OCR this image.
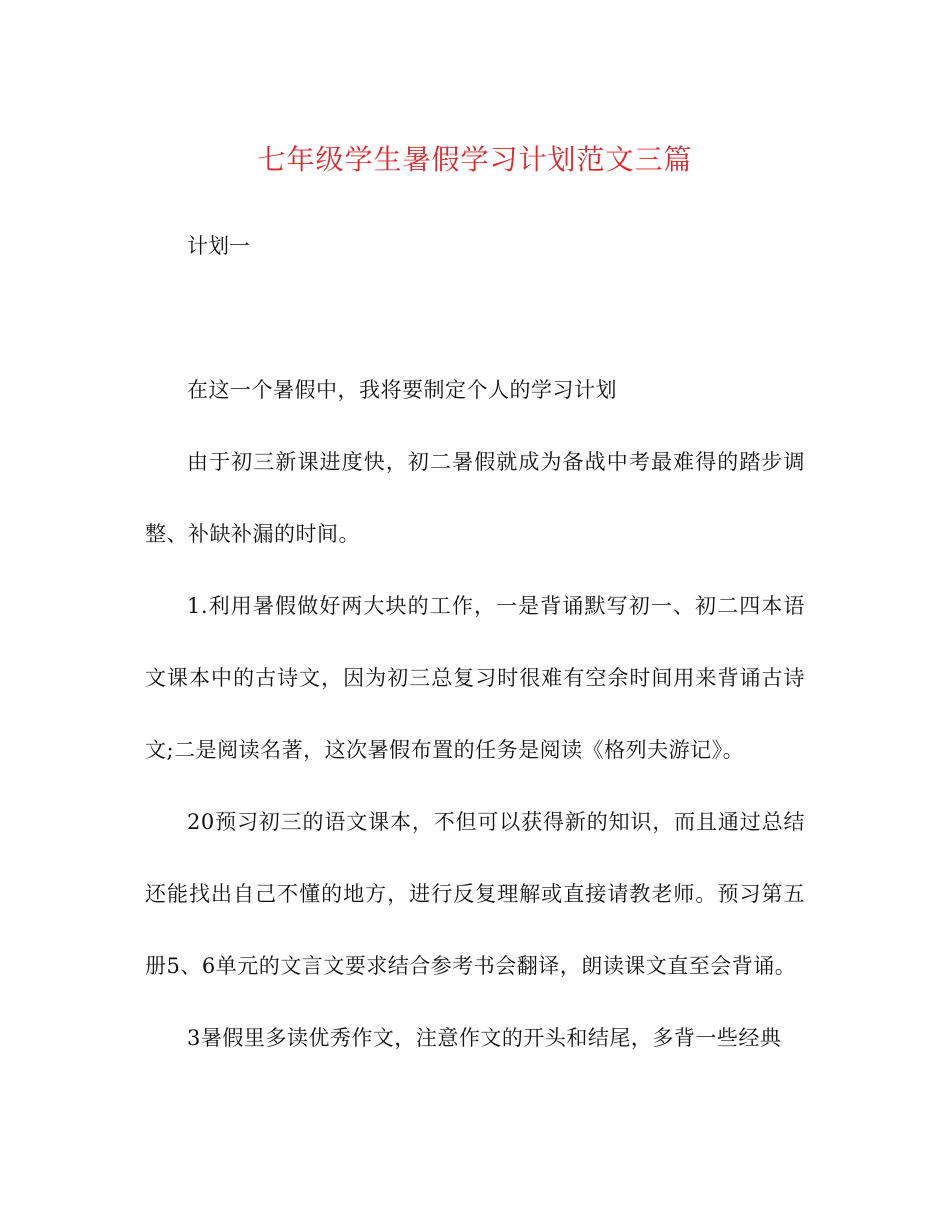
七年级学生暑假学习计划范文三篇
计划一

在这一个暑假中，我将要制定个人的学习计划

由于初三新课进度快，初二暑假就成为备战中考最难得的踏步调整、补缺补漏的时间。

1.利用暑假做好两大块的工作，一是背诵默写初一、初二四本语文课本中的古诗文，因为初三总复习时很难有空余时间用来背诵古诗文;二是阅读名著，这次暑假布置的任务是阅读《格列夫游记》。

20预习初三的语文课本，不但可以获得新的知识，而且通过总结还能找出自己不懂的地方，进行反复理解或直接请教老师。预习第五册5、6单元的文言文要求结合参考书会翻译，朗读课文直至会背诵。

3暑假里多读优秀作文，注意作文的开头和结尾，多背一些经典
